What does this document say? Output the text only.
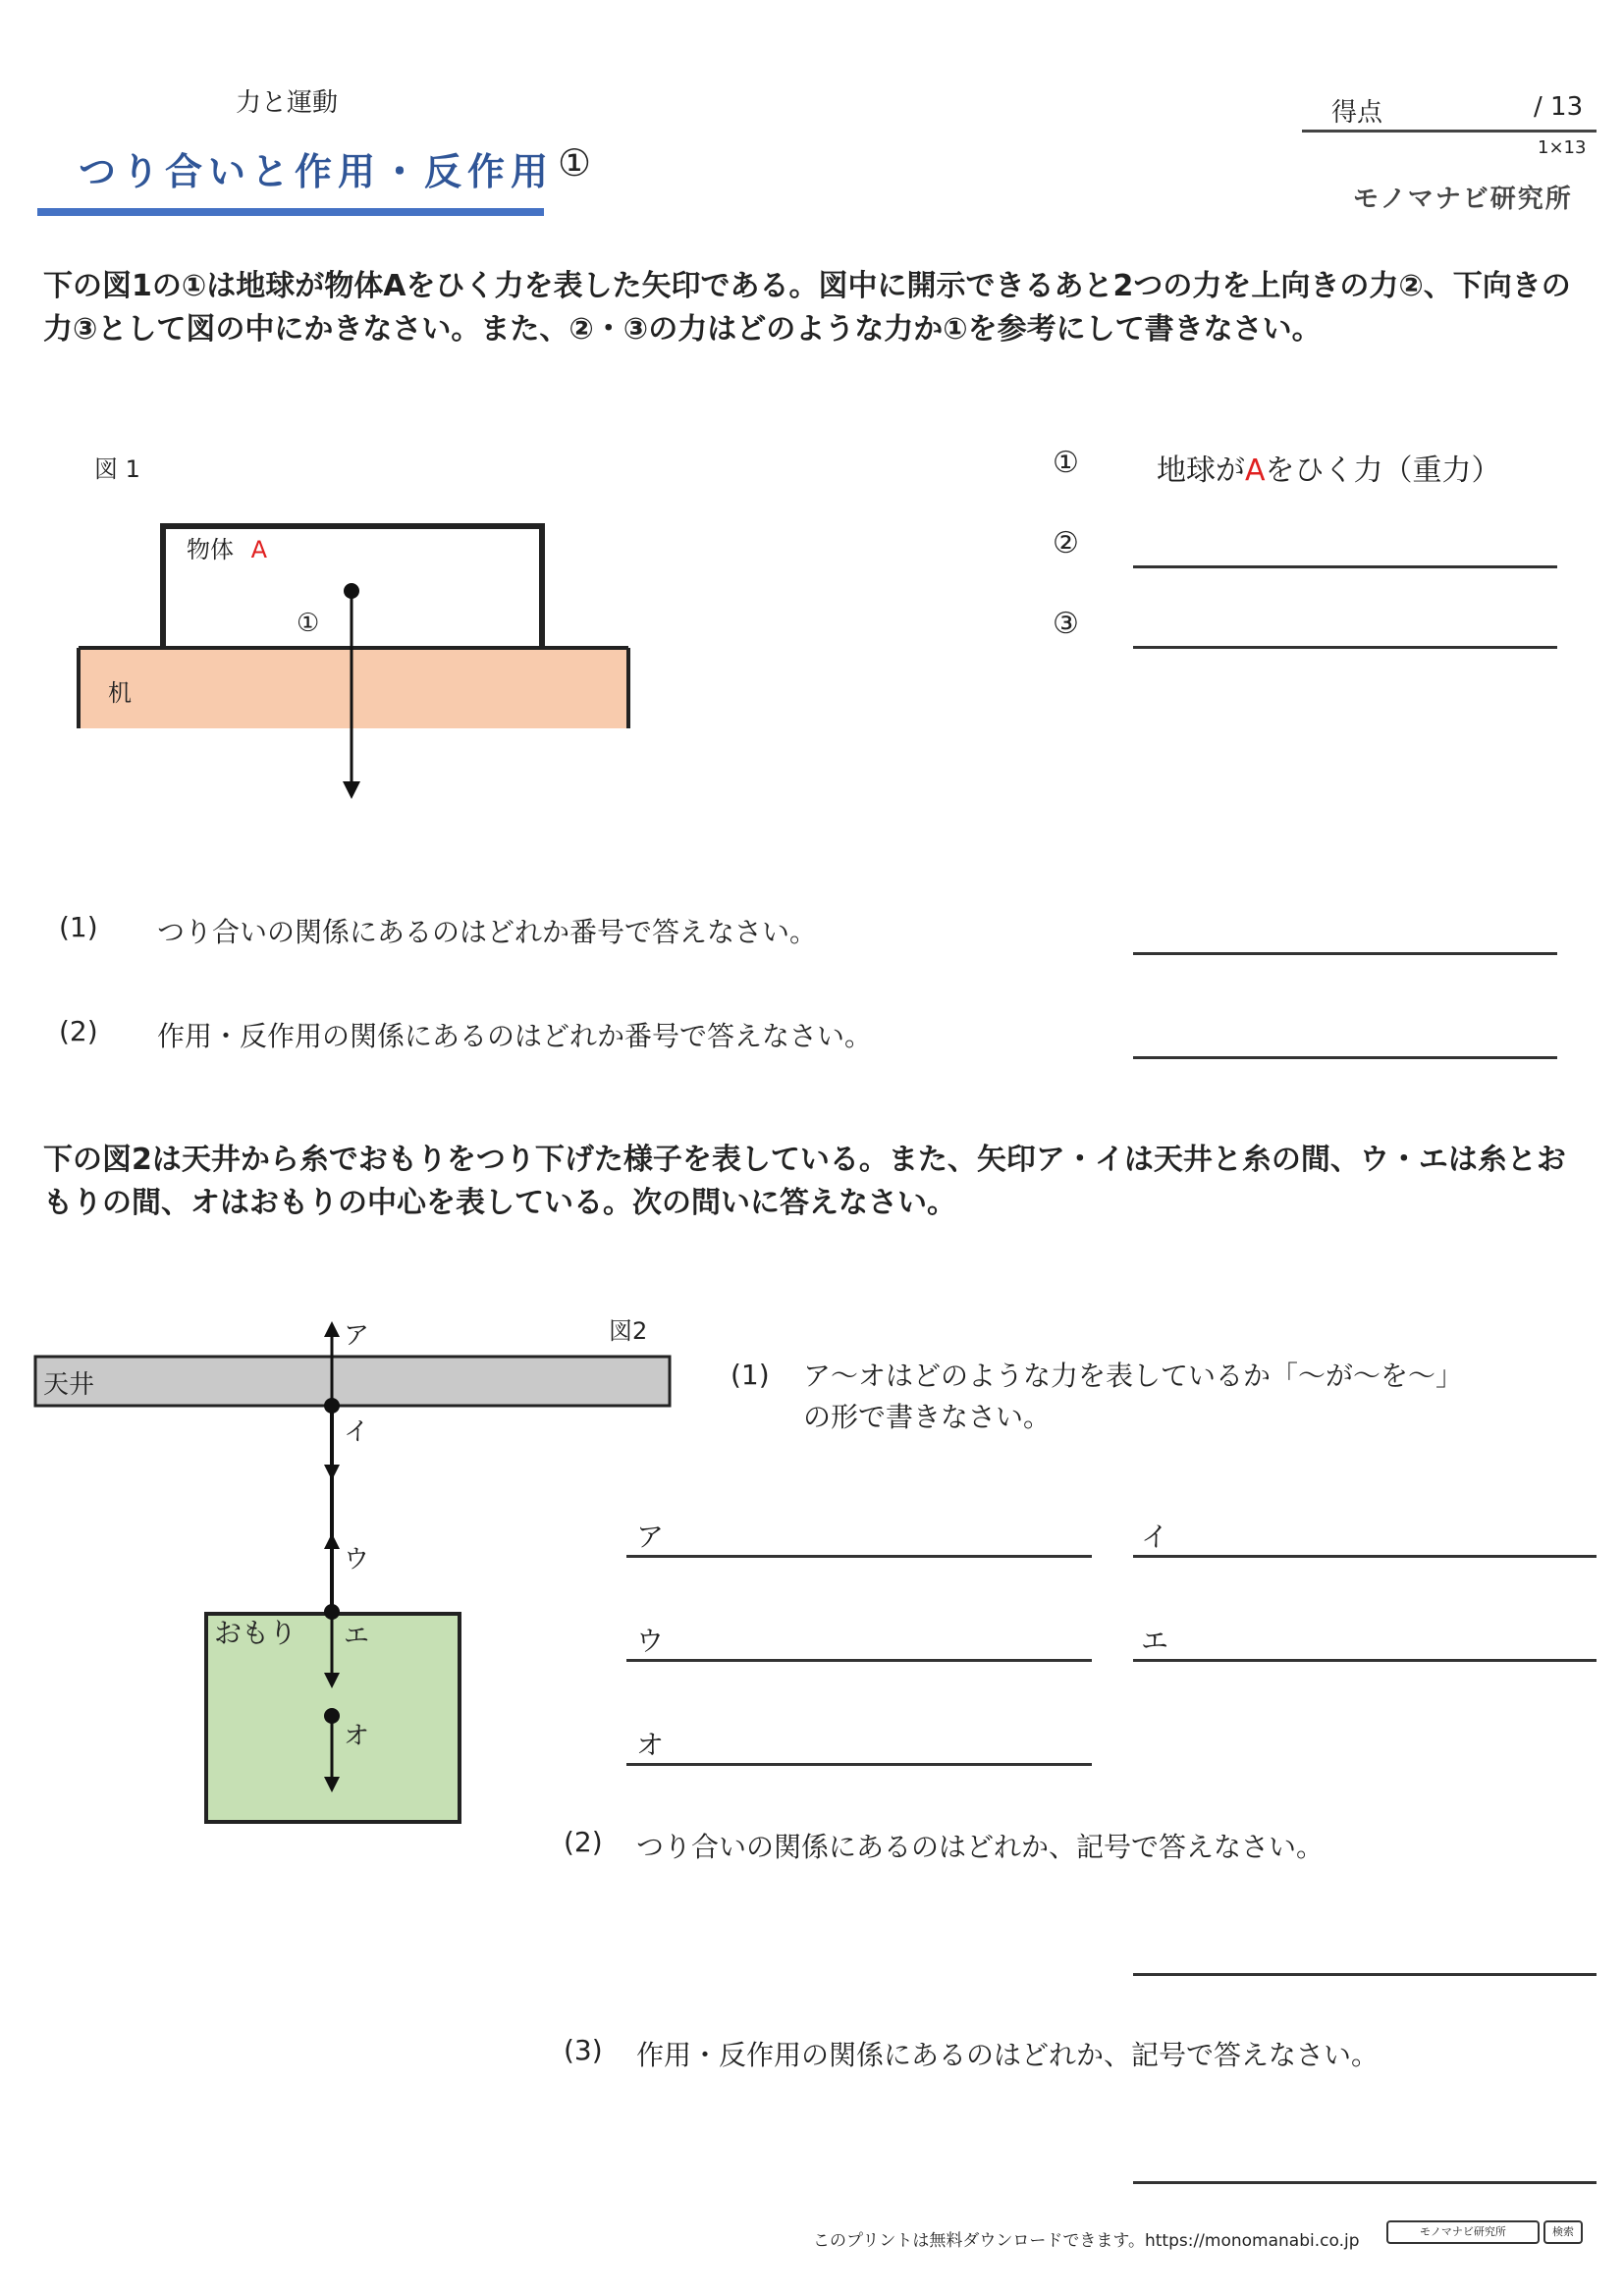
力と運動
つり合いと作用・反作用 ①
得点	/ 13
1×13
モノマナビ研究所
下の図1の①は地球が物体Aをひく力を表した矢印である。図中に開示できるあと2つの力を上向きの力②、下向きの力③として図の中にかきなさい。また、②・③の力はどのような力か①を参考にして書きなさい。
図 1
物体 A
①
机
①	地球がAをひく力（重力）
②
③
(1) つり合いの関係にあるのはどれか番号で答えなさい。
(2) 作用・反作用の関係にあるのはどれか番号で答えなさい。
下の図2は天井から糸でおもりをつり下げた様子を表している。また、矢印ア・イは天井と糸の間、ウ・エは糸とおもりの間、オはおもりの中心を表している。次の問いに答えなさい。
図2
天井
おもり
ア
イ
ウ
エ
オ
(1) ア～オはどのような力を表しているか「～が～を～」
の形で書きなさい。
ア	イ
ウ	エ
オ
(2) つり合いの関係にあるのはどれか、記号で答えなさい。
(3) 作用・反作用の関係にあるのはどれか、記号で答えなさい。
このプリントは無料ダウンロードできます。https://monomanabi.co.jp	モノマナビ研究所	検索
